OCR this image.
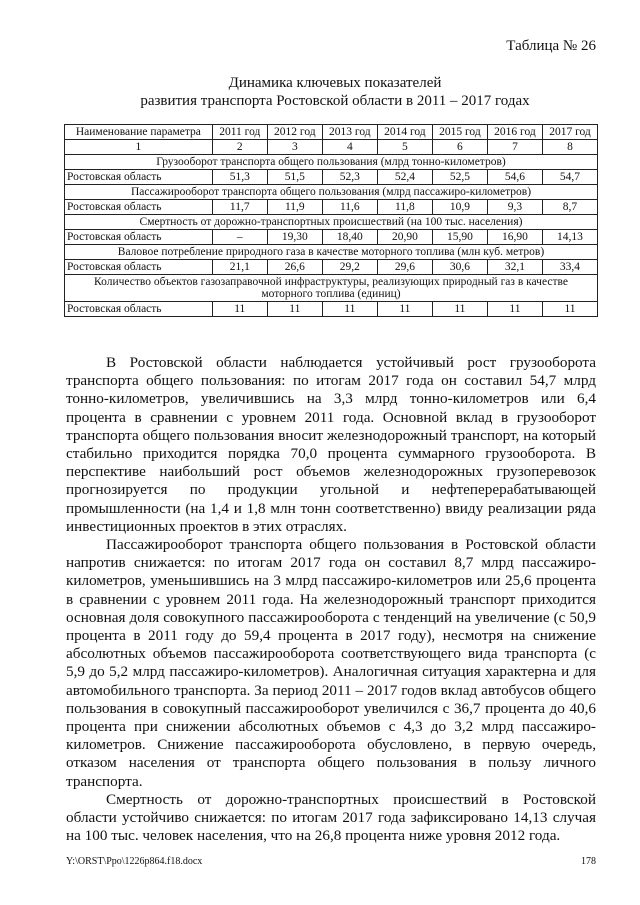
Таблица № 26
Динамика ключевых показателей
развития транспорта Ростовской области в 2011 – 2017 годах
Наименование параметра	2011 год	2012 год	2013 год	2014 год	2015 год	2016 год	2017 год
1	2	3	4	5	6	7	8
Грузооборот транспорта общего пользования (млрд тонно-километров)							
Ростовская область	51,3	51,5	52,3	52,4	52,5	54,6	54,7
Пассажирооборот транспорта общего пользования (млрд пассажиро-километров)							
Ростовская область	11,7	11,9	11,6	11,8	10,9	9,3	8,7
Смертность от дорожно-транспортных происшествий (на 100 тыс. населения)							
Ростовская область	–	19,30	18,40	20,90	15,90	16,90	14,13
Валовое потребление природного газа в качестве моторного топлива (млн куб. метров)							
Ростовская область	21,1	26,6	29,2	29,6	30,6	32,1	33,4
Количество объектов газозаправочной инфраструктуры, реализующих природный газ в качестве моторного топлива (единиц)							
Ростовская область	11	11	11	11	11	11	11

В Ростовской области наблюдается устойчивый рост грузооборота транспорта общего пользования: по итогам 2017 года он составил 54,7 млрд тонно-километров, увеличившись на 3,3 млрд тонно-километров или 6,4 процента в сравнении с уровнем 2011 года. Основной вклад в грузооборот транспорта общего пользования вносит железнодорожный транспорт, на который стабильно приходится порядка 70,0 процента суммарного грузооборота. В перспективе наибольший рост объемов железнодорожных грузоперевозок прогнозируется по продукции угольной и нефтеперерабатывающей промышленности (на 1,4 и 1,8 млн тонн соответственно) ввиду реализации ряда инвестиционных проектов в этих отраслях.

Пассажирооборот транспорта общего пользования в Ростовской области напротив снижается: по итогам 2017 года он составил 8,7 млрд пассажиро-километров, уменьшившись на 3 млрд пассажиро-километров или 25,6 процента в сравнении с уровнем 2011 года. На железнодорожный транспорт приходится основная доля совокупного пассажирооборота с тенденций на увеличение (с 50,9 процента в 2011 году до 59,4 процента в 2017 году), несмотря на снижение абсолютных объемов пассажирооборота соответствующего вида транспорта (с 5,9 до 5,2 млрд пассажиро-километров). Аналогичная ситуация характерна и для автомобильного транспорта. За период 2011 – 2017 годов вклад автобусов общего пользования в совокупный пассажирооборот увеличился с 36,7 процента до 40,6 процента при снижении абсолютных объемов с 4,3 до 3,2 млрд пассажиро-километров. Снижение пассажирооборота обусловлено, в первую очередь, отказом населения от транспорта общего пользования в пользу личного транспорта.

Смертность от дорожно-транспортных происшествий в Ростовской области устойчиво снижается: по итогам 2017 года зафиксировано 14,13 случая на 100 тыс. человек населения, что на 26,8 процента ниже уровня 2012 года.

Y:\ORST\Ppo\1226p864.f18.docx	178
